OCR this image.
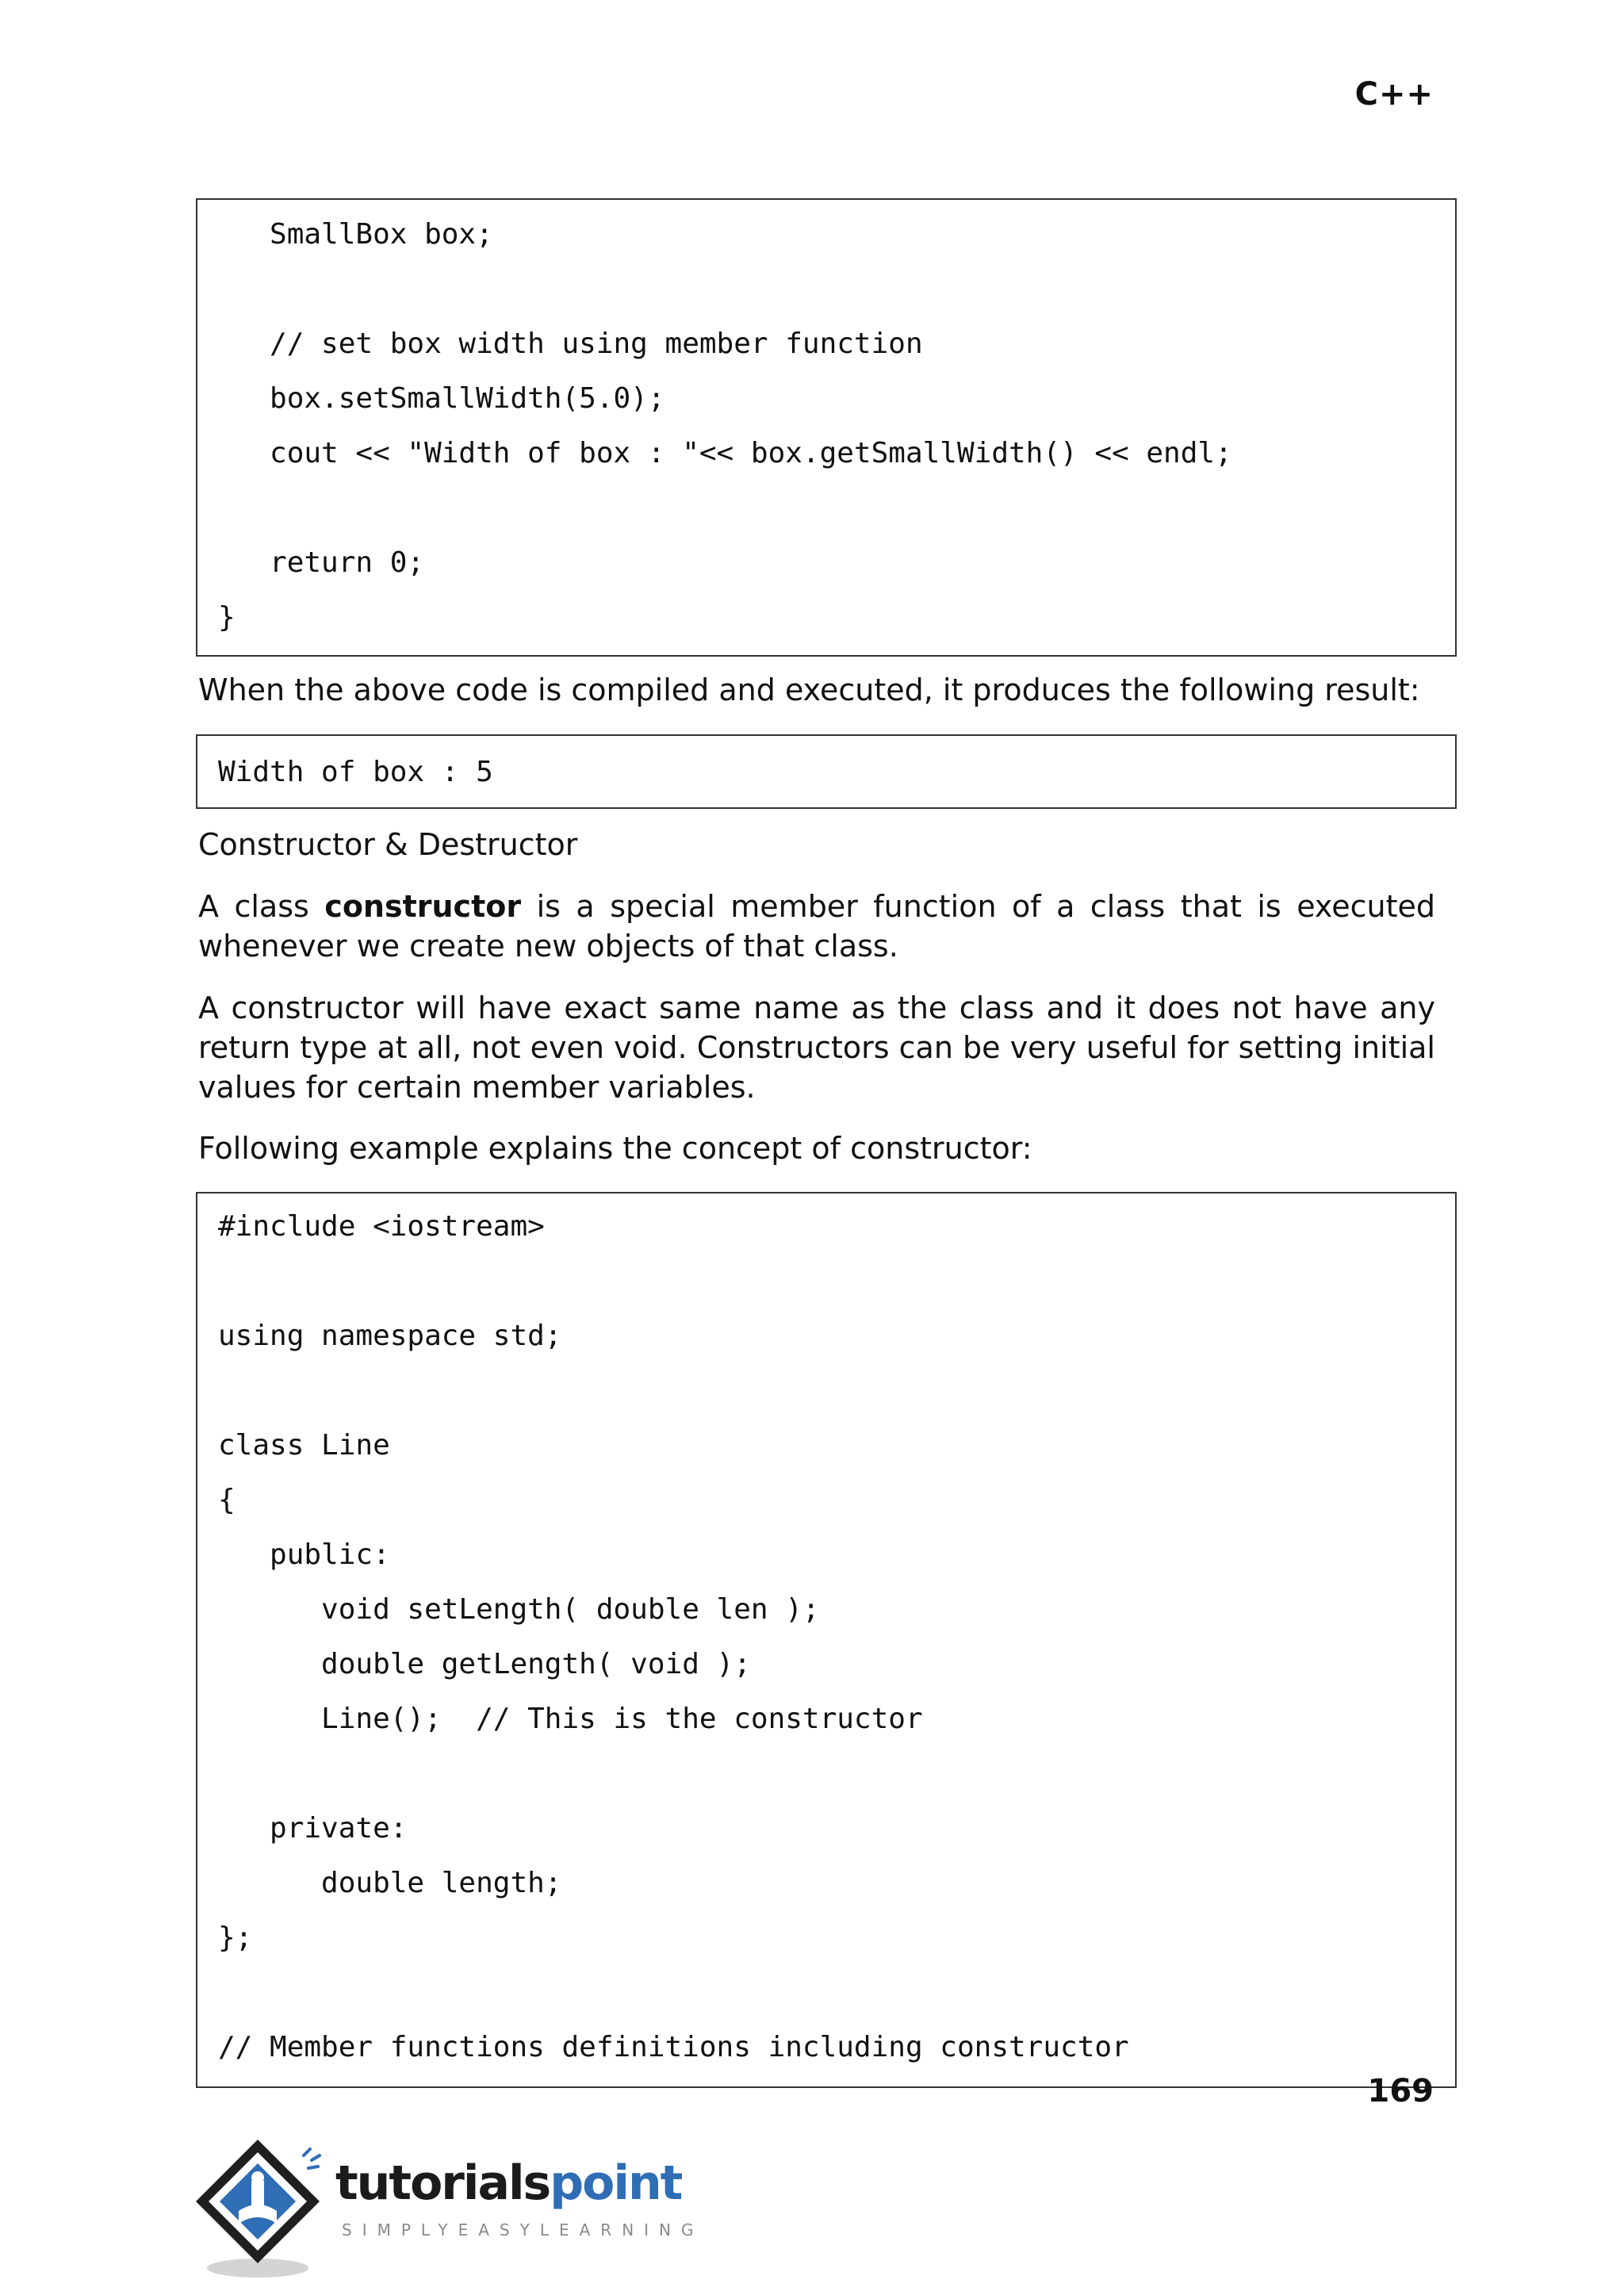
C++
SmallBox box;
// set box width using member function
box.setSmallWidth(5.0);
cout << "Width of box : "<< box.getSmallWidth() << endl;
return 0;
}
When the above code is compiled and executed, it produces the following result:
Width of box : 5
Constructor & Destructor
A class constructor is a special member function of a class that is executed whenever we create new objects of that class.
A constructor will have exact same name as the class and it does not have any return type at all, not even void. Constructors can be very useful for setting initial values for certain member variables.
Following example explains the concept of constructor:
#include <iostream>
using namespace std;
class Line
{
public:
void setLength( double len );
double getLength( void );
Line();  // This is the constructor
private:
double length;
};
// Member functions definitions including constructor
169
tutorialspoint
SIMPLYEASYLEARNING
